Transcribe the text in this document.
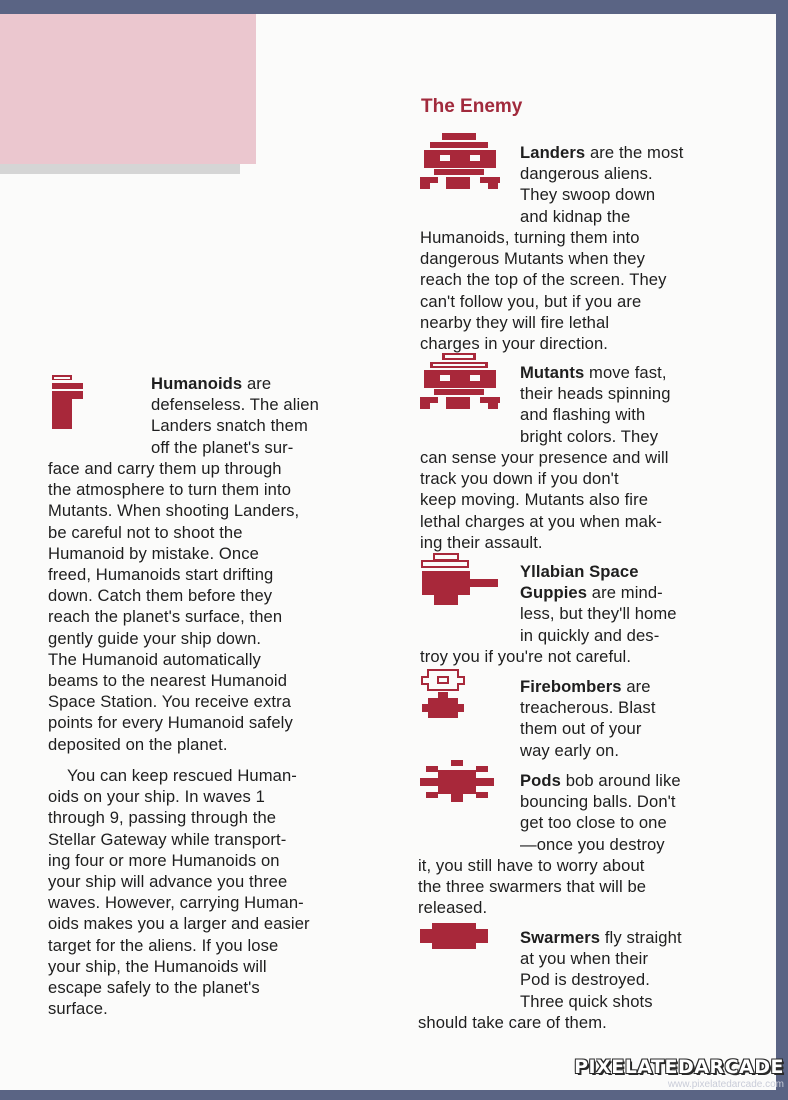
Humanoids are

defenseless. The alien

Landers snatch them

off the planet's sur-

face and carry them up through

the atmosphere to turn them into

Mutants. When shooting Landers,

be careful not to shoot the

Humanoid by mistake. Once

freed, Humanoids start drifting

down. Catch them before they

reach the planet's surface, then

gently guide your ship down.

The Humanoid automatically

beams to the nearest Humanoid

Space Station. You receive extra

points for every Humanoid safely

deposited on the planet.

You can keep rescued Human-

oids on your ship. In waves 1

through 9, passing through the

Stellar Gateway while transport-

ing four or more Humanoids on

your ship will advance you three

waves. However, carrying Human-

oids makes you a larger and easier

target for the aliens. If you lose

your ship, the Humanoids will

escape safely to the planet's

surface.

The Enemy

Landers are the most

dangerous aliens.

They swoop down

and kidnap the

Humanoids, turning them into

dangerous Mutants when they

reach the top of the screen. They

can't follow you, but if you are

nearby they will fire lethal

charges in your direction.

Mutants move fast,

their heads spinning

and flashing with

bright colors. They

can sense your presence and will

track you down if you don't

keep moving. Mutants also fire

lethal charges at you when mak-

ing their assault.

Yllabian Space

Guppies are mind-

less, but they'll home

in quickly and des-

troy you if you're not careful.

Firebombers are

treacherous. Blast

them out of your

way early on.

Pods bob around like

bouncing balls. Don't

get too close to one

—once you destroy

it, you still have to worry about

the three swarmers that will be

released.

Swarmers fly straight

at you when their

Pod is destroyed.

Three quick shots

should take care of them.

PIXELATEDARCADE
www.pixelatedarcade.com
